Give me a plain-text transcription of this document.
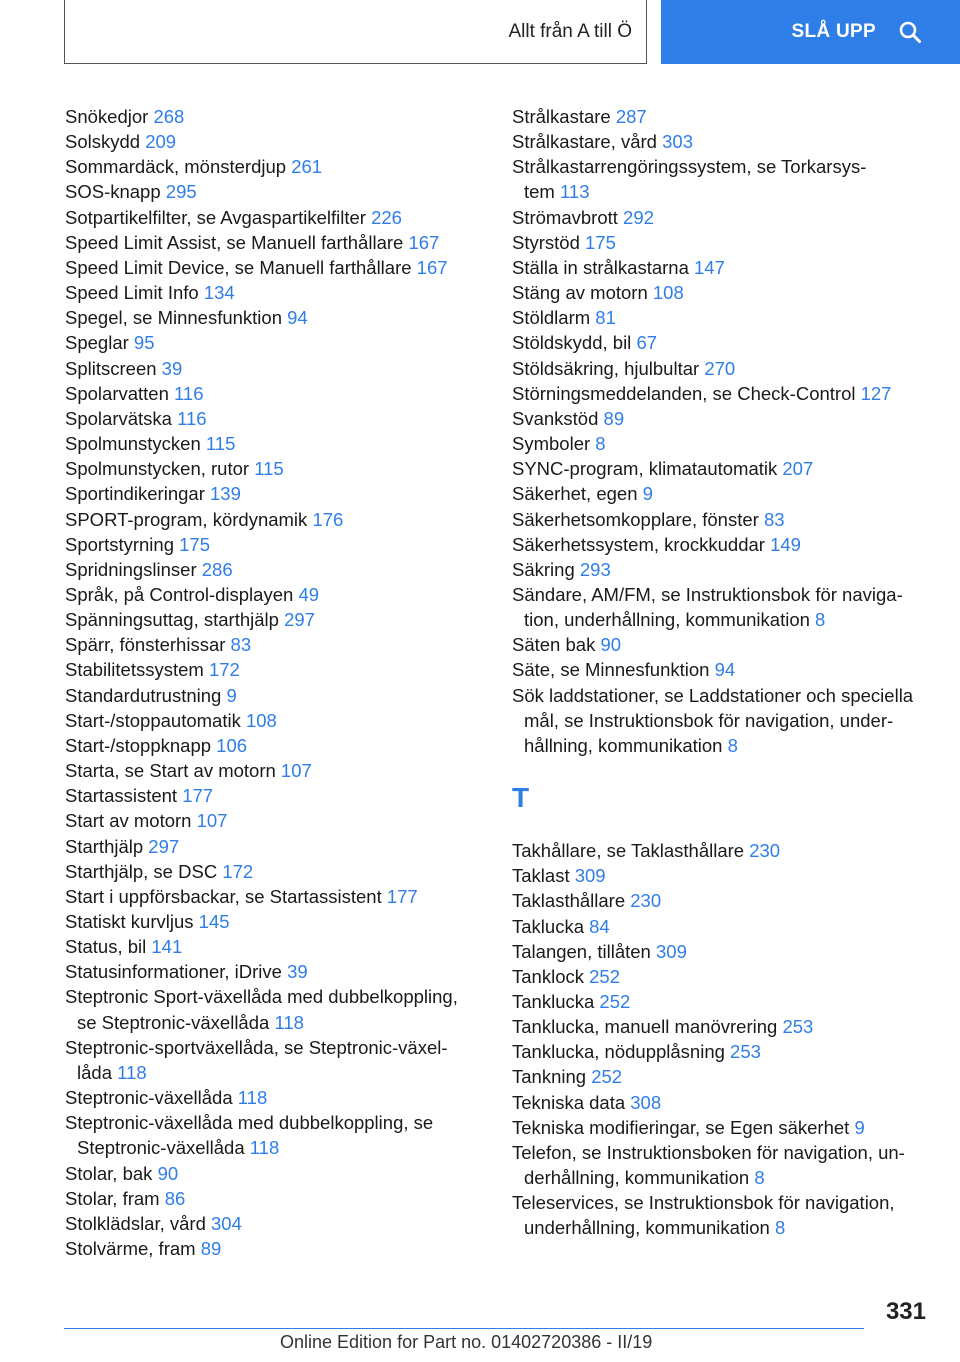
Allt från A till Ö	SLÅ UPP
Snökedjor 268
Solskydd 209
Sommardäck, mönsterdjup 261
SOS-knapp 295
Sotpartikelfilter, se Avgaspartikelfilter 226
Speed Limit Assist, se Manuell farthållare 167
Speed Limit Device, se Manuell farthållare 167
Speed Limit Info 134
Spegel, se Minnesfunktion 94
Speglar 95
Splitscreen 39
Spolarvatten 116
Spolarvätska 116
Spolmunstycken 115
Spolmunstycken, rutor 115
Sportindikeringar 139
SPORT-program, kördynamik 176
Sportstyrning 175
Spridningslinser 286
Språk, på Control-displayen 49
Spänningsuttag, starthjälp 297
Spärr, fönsterhissar 83
Stabilitetssystem 172
Standardutrustning 9
Start-/stoppautomatik 108
Start-/stoppknapp 106
Starta, se Start av motorn 107
Startassistent 177
Start av motorn 107
Starthjälp 297
Starthjälp, se DSC 172
Start i uppförsbackar, se Startassistent 177
Statiskt kurvljus 145
Status, bil 141
Statusinformationer, iDrive 39
Steptronic Sport-växellåda med dubbelkoppling,
se Steptronic-växellåda 118
Steptronic-sportväxellåda, se Steptronic-växel‐
låda 118
Steptronic-växellåda 118
Steptronic-växellåda med dubbelkoppling, se
Steptronic-växellåda 118
Stolar, bak 90
Stolar, fram 86
Stolklädslar, vård 304
Stolvärme, fram 89
Strålkastare 287
Strålkastare, vård 303
Strålkastarrengöringssystem, se Torkarsys‐
tem 113
Strömavbrott 292
Styrstöd 175
Ställa in strålkastarna 147
Stäng av motorn 108
Stöldlarm 81
Stöldskydd, bil 67
Stöldsäkring, hjulbultar 270
Störningsmeddelanden, se Check-Control 127
Svankstöd 89
Symboler 8
SYNC-program, klimatautomatik 207
Säkerhet, egen 9
Säkerhetsomkopplare, fönster 83
Säkerhetssystem, krockkuddar 149
Säkring 293
Sändare, AM/FM, se Instruktionsbok för naviga‐
tion, underhållning, kommunikation 8
Säten bak 90
Säte, se Minnesfunktion 94
Sök laddstationer, se Laddstationer och speciella
mål, se Instruktionsbok för navigation, under‐
hållning, kommunikation 8
T
Takhållare, se Taklasthållare 230
Taklast 309
Taklasthållare 230
Taklucka 84
Talangen, tillåten 309
Tanklock 252
Tanklucka 252
Tanklucka, manuell manövrering 253
Tanklucka, nödupplåsning 253
Tankning 252
Tekniska data 308
Tekniska modifieringar, se Egen säkerhet 9
Telefon, se Instruktionsboken för navigation, un‐
derhållning, kommunikation 8
Teleservices, se Instruktionsbok för navigation,
underhållning, kommunikation 8
331
Online Edition for Part no. 01402720386 - II/19
